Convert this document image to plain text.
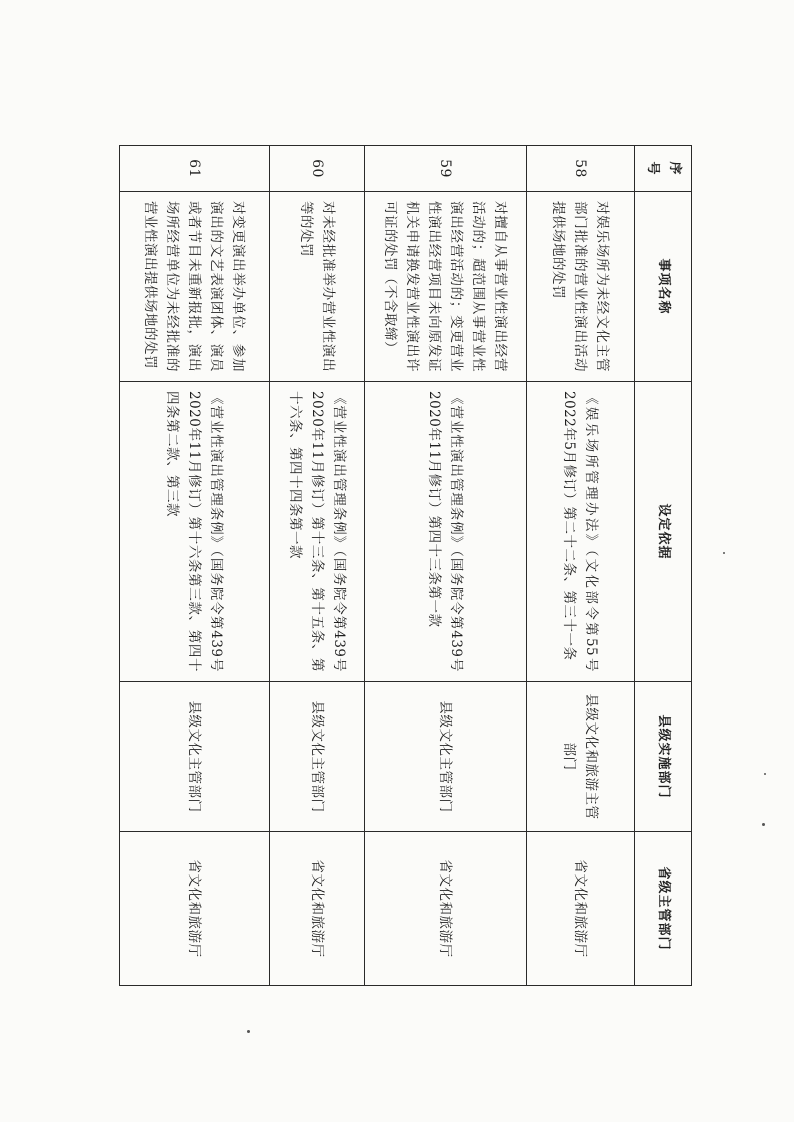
序号	事项名称	设定依据	县级实施部门	省级主管部门
58	对娱乐场所为未经文化主管部门批准的营业性演出活动提供场地的处罚	《娱乐场所管理办法》（文化部令第55号2022年5月修订）第二十二条、第三十一条	县级文化和旅游主管部门	省文化和旅游厅
59	对擅自从事营业性演出经营活动的；超范围从事营业性演出经营活动的；变更营业性演出经营项目未向原发证机关申请换发营业性演出许可证的处罚（不含取缔）	《营业性演出管理条例》（国务院令第439号2020年11月修订）第四十三条第一款	县级文化主管部门	省文化和旅游厅
60	对未经批准举办营业性演出等的处罚	《营业性演出管理条例》（国务院令第439号2020年11月修订）第十三条、第十五条、第十六条、第四十四条第一款	县级文化主管部门	省文化和旅游厅
61	对变更演出举办单位、参加演出的文艺表演团体、演员或者节目未重新报批，演出场所经营单位为未经批准的营业性演出提供场地的处罚	《营业性演出管理条例》（国务院令第439号2020年11月修订）第十六条第三款、第四十四条第二款、第三款	县级文化主管部门	省文化和旅游厅
